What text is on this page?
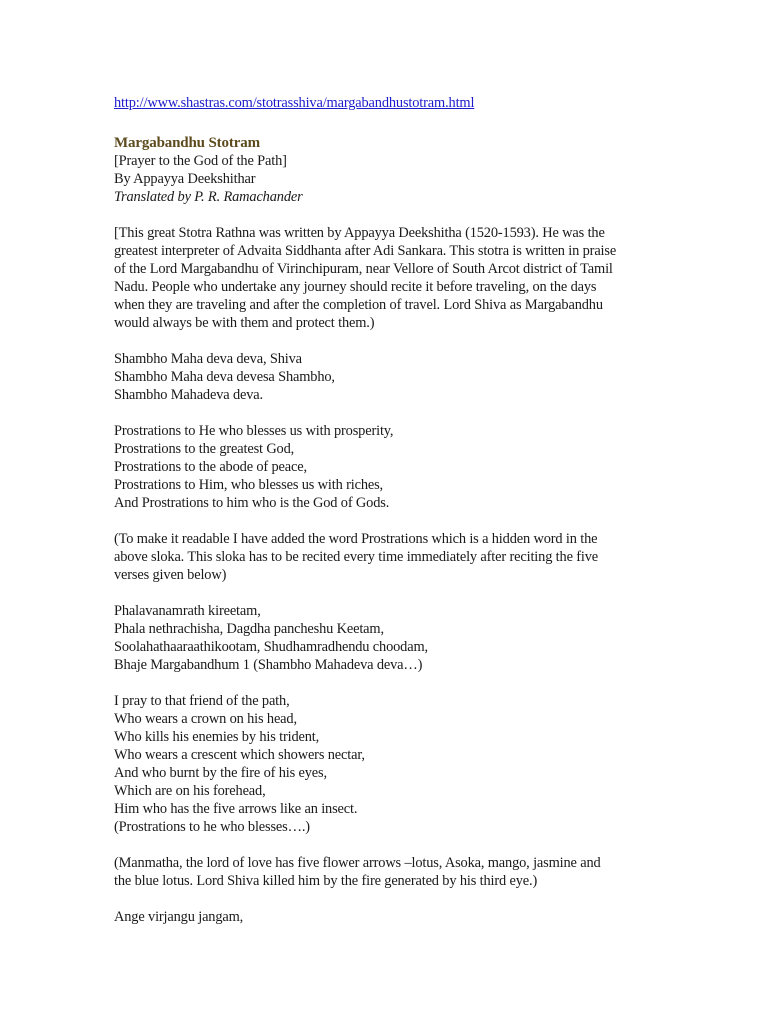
http://www.shastras.com/stotrasshiva/margabandhustotram.html
Margabandhu Stotram
[Prayer to the God of the Path]
By Appayya Deekshithar
Translated by P. R. Ramachander
[This great Stotra Rathna was written by Appayya Deekshitha (1520-1593). He was the
greatest interpreter of Advaita Siddhanta after Adi Sankara. This stotra is written in praise
of the Lord Margabandhu of Virinchipuram, near Vellore of South Arcot district of Tamil
Nadu. People who undertake any journey should recite it before traveling, on the days
when they are traveling and after the completion of travel. Lord Shiva as Margabandhu
would always be with them and protect them.)
Shambho Maha deva deva, Shiva
Shambho Maha deva devesa Shambho,
Shambho Mahadeva deva.
Prostrations to He who blesses us with prosperity,
Prostrations to the greatest God,
Prostrations to the abode of peace,
Prostrations to Him, who blesses us with riches,
And Prostrations to him who is the God of Gods.
(To make it readable I have added the word Prostrations which is a hidden word in the
above sloka. This sloka has to be recited every time immediately after reciting the five
verses given below)
Phalavanamrath kireetam,
Phala nethrachisha, Dagdha pancheshu Keetam,
Soolahathaaraathikootam, Shudhamradhendu choodam,
Bhaje Margabandhum 1 (Shambho Mahadeva deva…)
I pray to that friend of the path,
Who wears a crown on his head,
Who kills his enemies by his trident,
Who wears a crescent which showers nectar,
And who burnt by the fire of his eyes,
Which are on his forehead,
Him who has the five arrows like an insect.
(Prostrations to he who blesses….)
(Manmatha, the lord of love has five flower arrows –lotus, Asoka, mango, jasmine and
the blue lotus. Lord Shiva killed him by the fire generated by his third eye.)
Ange virjangu jangam,
